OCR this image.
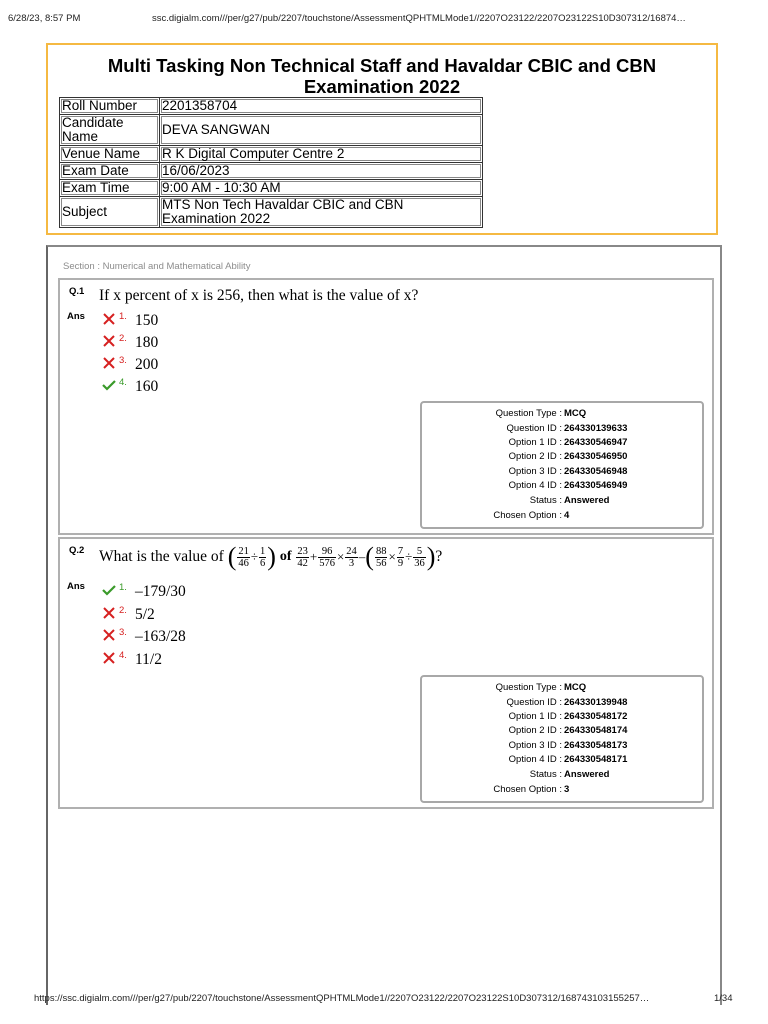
6/28/23, 8:57 PM	ssc.digialm.com///per/g27/pub/2207/touchstone/AssessmentQPHTMLMode1//2207O23122/2207O23122S10D307312/16874…
Multi Tasking Non Technical Staff and Havaldar CBIC and CBN
Examination 2022
Roll Number	2201358704
Candidate Name	DEVA SANGWAN
Venue Name	R K Digital Computer Centre 2
Exam Date	16/06/2023
Exam Time	9:00 AM - 10:30 AM
Subject	MTS Non Tech Havaldar CBIC and CBN Examination 2022
Section : Numerical and Mathematical Ability
Q.1 If x percent of x is 256, then what is the value of x?
Ans	1. 150
2. 180
3. 200
4. 160
Question Type : MCQ
Question ID : 264330139633
Option 1 ID : 264330546947
Option 2 ID : 264330546950
Option 3 ID : 264330546948
Option 4 ID : 264330546949
Status : Answered
Chosen Option : 4
Q.2 What is the value of ( $\frac{21}{46} \div \frac{1}{6}$ ) of $\frac{23}{42} + \frac{96}{576} \times \frac{24}{3}$ –( $\frac{88}{56} \times \frac{7}{9} \div \frac{5}{36}$ )?
Ans	1. –179/30
2. 5/2
3. –163/28
4. 11/2
Question Type : MCQ
Question ID : 264330139948
Option 1 ID : 264330548172
Option 2 ID : 264330548174
Option 3 ID : 264330548173
Option 4 ID : 264330548171
Status : Answered
Chosen Option : 3
https://ssc.digialm.com///per/g27/pub/2207/touchstone/AssessmentQPHTMLMode1//2207O23122/2207O23122S10D307312/168743103155257…	1/34
